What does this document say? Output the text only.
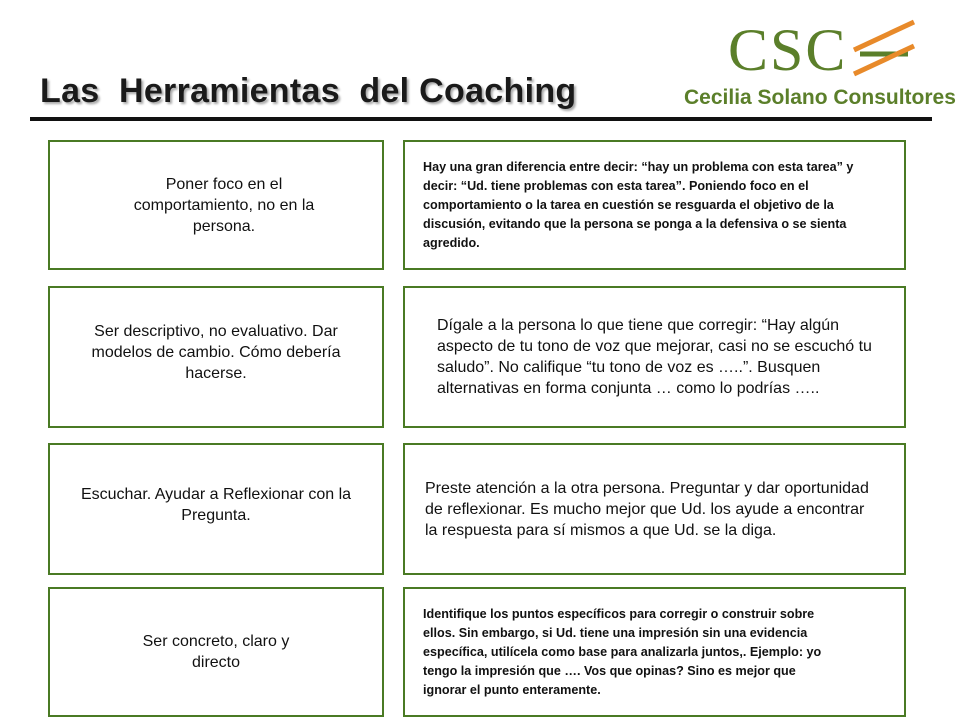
Las  Herramientas  del Coaching
CSC
Cecilia Solano Consultores
Poner foco en el comportamiento, no en la persona.
Hay una gran diferencia entre decir: “hay un problema con esta tarea” y decir: “Ud. tiene problemas con esta tarea”. Poniendo foco en el comportamiento o la tarea en cuestión se resguarda el objetivo de la discusión, evitando que la persona se ponga a la defensiva o se sienta agredido.
Ser descriptivo, no evaluativo. Dar modelos de cambio. Cómo debería hacerse.
Dígale a la persona lo que tiene que corregir: “Hay algún aspecto de tu tono de voz que mejorar, casi no se escuchó tu saludo”. No califique “tu tono de voz es …..”. Busquen alternativas en forma conjunta … como lo podrías …..
Escuchar. Ayudar a Reflexionar con la Pregunta.
Preste atención a la otra persona. Preguntar y dar oportunidad de reflexionar. Es mucho mejor que Ud. los ayude a encontrar la respuesta para sí mismos a que Ud. se la diga.
Ser concreto, claro y directo
Identifique los puntos específicos para corregir o construir sobre ellos. Sin embargo, si Ud. tiene una impresión sin una evidencia específica, utilícela como base para analizarla juntos,. Ejemplo: yo tengo la impresión que …. Vos que opinas? Sino es mejor que ignorar el punto enteramente.
